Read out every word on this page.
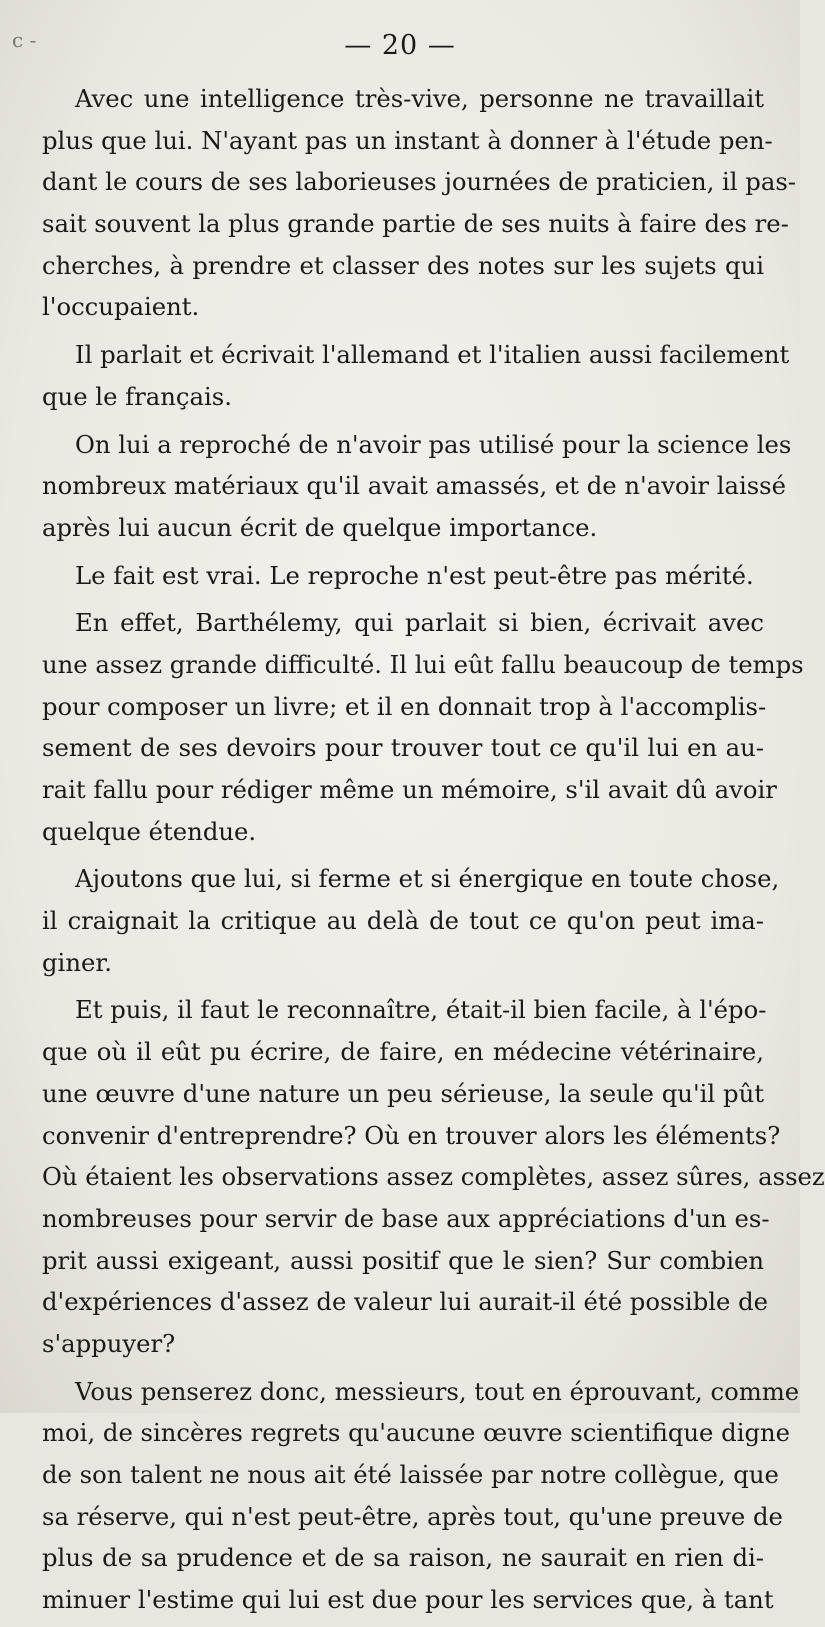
c -	— 20 —
Avec une intelligence très-vive, personne ne travaillait
plus que lui. N'ayant pas un instant à donner à l'étude pen-
dant le cours de ses laborieuses journées de praticien, il pas-
sait souvent la plus grande partie de ses nuits à faire des re-
cherches, à prendre et classer des notes sur les sujets qui
l'occupaient.
Il parlait et écrivait l'allemand et l'italien aussi facilement
que le français.
On lui a reproché de n'avoir pas utilisé pour la science les
nombreux matériaux qu'il avait amassés, et de n'avoir laissé
après lui aucun écrit de quelque importance.
Le fait est vrai. Le reproche n'est peut-être pas mérité.
En effet, Barthélemy, qui parlait si bien, écrivait avec
une assez grande difficulté. Il lui eût fallu beaucoup de temps
pour composer un livre; et il en donnait trop à l'accomplis-
sement de ses devoirs pour trouver tout ce qu'il lui en au-
rait fallu pour rédiger même un mémoire, s'il avait dû avoir
quelque étendue.
Ajoutons que lui, si ferme et si énergique en toute chose,
il craignait la critique au delà de tout ce qu'on peut ima-
giner.
Et puis, il faut le reconnaître, était-il bien facile, à l'épo-
que où il eût pu écrire, de faire, en médecine vétérinaire,
une œuvre d'une nature un peu sérieuse, la seule qu'il pût
convenir d'entreprendre? Où en trouver alors les éléments?
Où étaient les observations assez complètes, assez sûres, assez
nombreuses pour servir de base aux appréciations d'un es-
prit aussi exigeant, aussi positif que le sien? Sur combien
d'expériences d'assez de valeur lui aurait-il été possible de
s'appuyer?
Vous penserez donc, messieurs, tout en éprouvant, comme
moi, de sincères regrets qu'aucune œuvre scientifique digne
de son talent ne nous ait été laissée par notre collègue, que
sa réserve, qui n'est peut-être, après tout, qu'une preuve de
plus de sa prudence et de sa raison, ne saurait en rien di-
minuer l'estime qui lui est due pour les services que, à tant
